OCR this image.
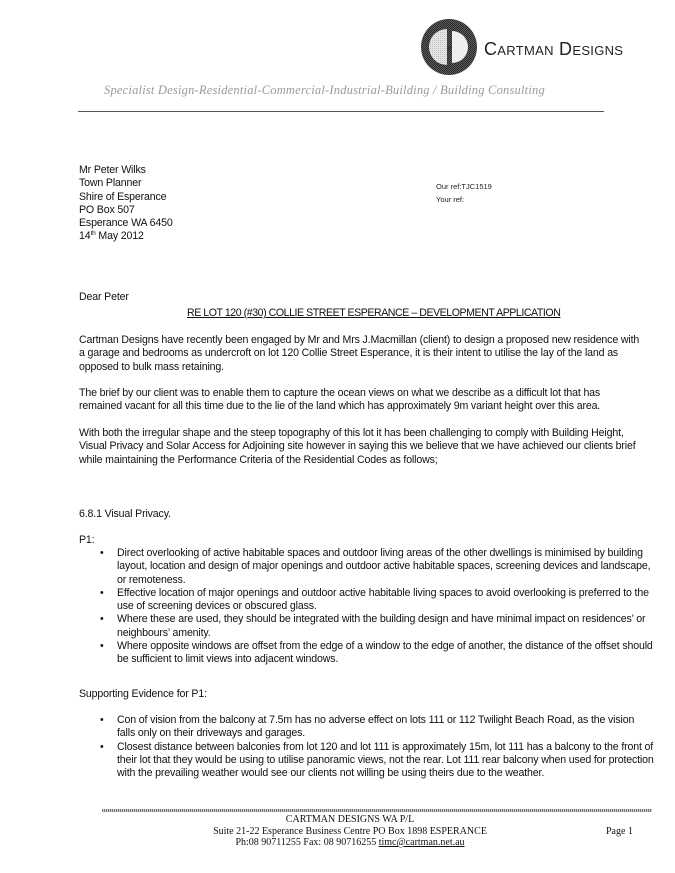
Cartman Designs
Specialist Design-Residential-Commercial-Industrial-Building / Building Consulting
Mr Peter Wilks
Town Planner
Shire of Esperance
PO Box 507
Esperance WA 6450
14th May 2012
Our ref:TJC1519
Your ref:
Dear Peter
RE LOT 120 (#30) COLLIE STREET ESPERANCE – DEVELOPMENT APPLICATION
Cartman Designs have recently been engaged by Mr and Mrs J.Macmillan (client) to design a proposed new residence with a garage and bedrooms as undercroft on lot 120 Collie Street Esperance, it is their intent to utilise the lay of the land as opposed to bulk mass retaining.
The brief by our client was to enable them to capture the ocean views on what we describe as a difficult lot that has remained vacant for all this time due to the lie of the land which has approximately 9m variant height over this area.
With both the irregular shape and the steep topography of this lot it has been challenging to comply with Building Height, Visual Privacy and Solar Access for Adjoining site however in saying this we believe that we have achieved our clients brief while maintaining the Performance Criteria of the Residential Codes as follows;
6.8.1 Visual Privacy.
P1:
• Direct overlooking of active habitable spaces and outdoor living areas of the other dwellings is minimised by building layout, location and design of major openings and outdoor active habitable spaces, screening devices and landscape, or remoteness.
• Effective location of major openings and outdoor active habitable living spaces to avoid overlooking is preferred to the use of screening devices or obscured glass.
• Where these are used, they should be integrated with the building design and have minimal impact on residences’ or neighbours’ amenity.
• Where opposite windows are offset from the edge of a window to the edge of another, the distance of the offset should be sufficient to limit views into adjacent windows.
Supporting Evidence for P1:
• Con of vision from the balcony at 7.5m has no adverse effect on lots 111 or 112 Twilight Beach Road, as the vision falls only on their driveways and garages.
• Closest distance between balconies from lot 120 and lot 111 is approximately 15m, lot 111 has a balcony to the front of their lot that they would be using to utilise panoramic views, not the rear. Lot 111 rear balcony when used for protection with the prevailing weather would see our clients not willing be using theirs due to the weather.
CARTMAN DESIGNS WA P/L
Suite 21-22 Esperance Business Centre PO Box 1898 ESPERANCE
Ph:08 90711255 Fax: 08 90716255 timc@cartman.net.au
Page 1
